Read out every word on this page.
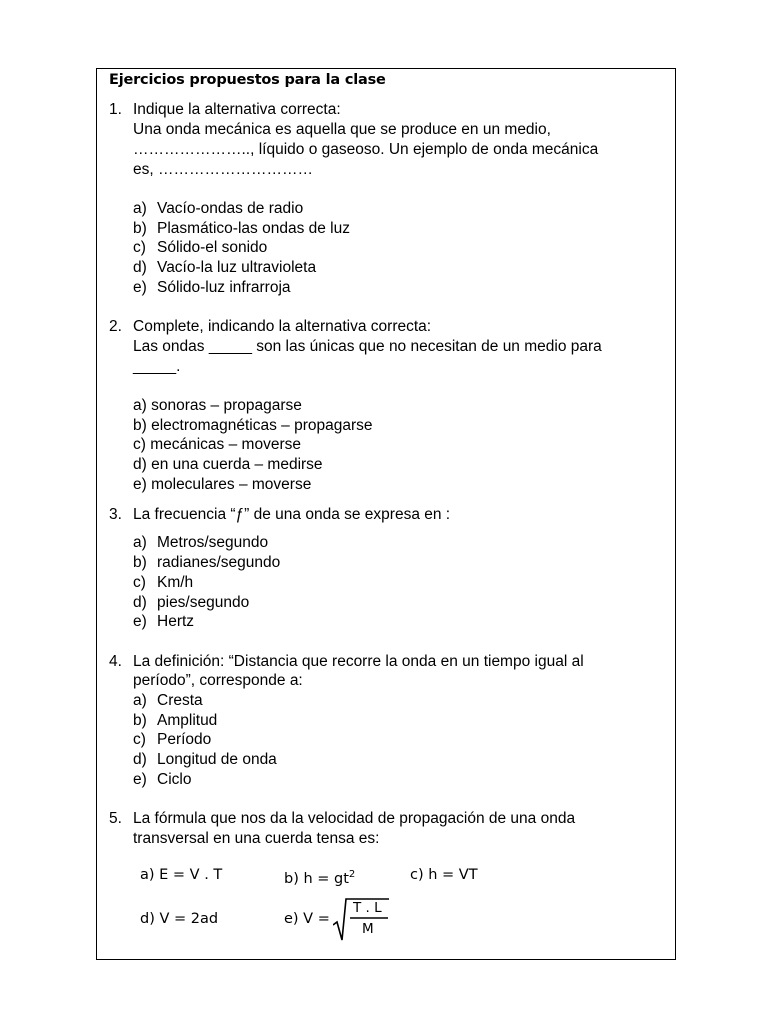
Ejercicios propuestos para la clase
1. Indique la alternativa correcta:
Una onda mecánica es aquella que se produce en un medio,
………………….., líquido o gaseoso. Un ejemplo de onda mecánica
es, …………………………
a) Vacío-ondas de radio
b) Plasmático-las ondas de luz
c) Sólido-el sonido
d) Vacío-la luz ultravioleta
e) Sólido-luz infrarroja
2. Complete, indicando la alternativa correcta:
Las ondas _____ son las únicas que no necesitan de un medio para
_____.
a) sonoras – propagarse
b) electromagnéticas – propagarse
c) mecánicas – moverse
d) en una cuerda – medirse
e) moleculares – moverse
3. La frecuencia “ƒ” de una onda se expresa en :
a) Metros/segundo
b) radianes/segundo
c) Km/h
d) pies/segundo
e) Hertz
4. La definición: “Distancia que recorre la onda en un tiempo igual al
período”, corresponde a:
a) Cresta
b) Amplitud
c) Período
d) Longitud de onda
e) Ciclo
5. La fórmula que nos da la velocidad de propagación de una onda
transversal en una cuerda tensa es:
a) E = V . T	b) $h = gt^2$	c) h = VT
d) V = 2ad	e) V =
T . L
M
